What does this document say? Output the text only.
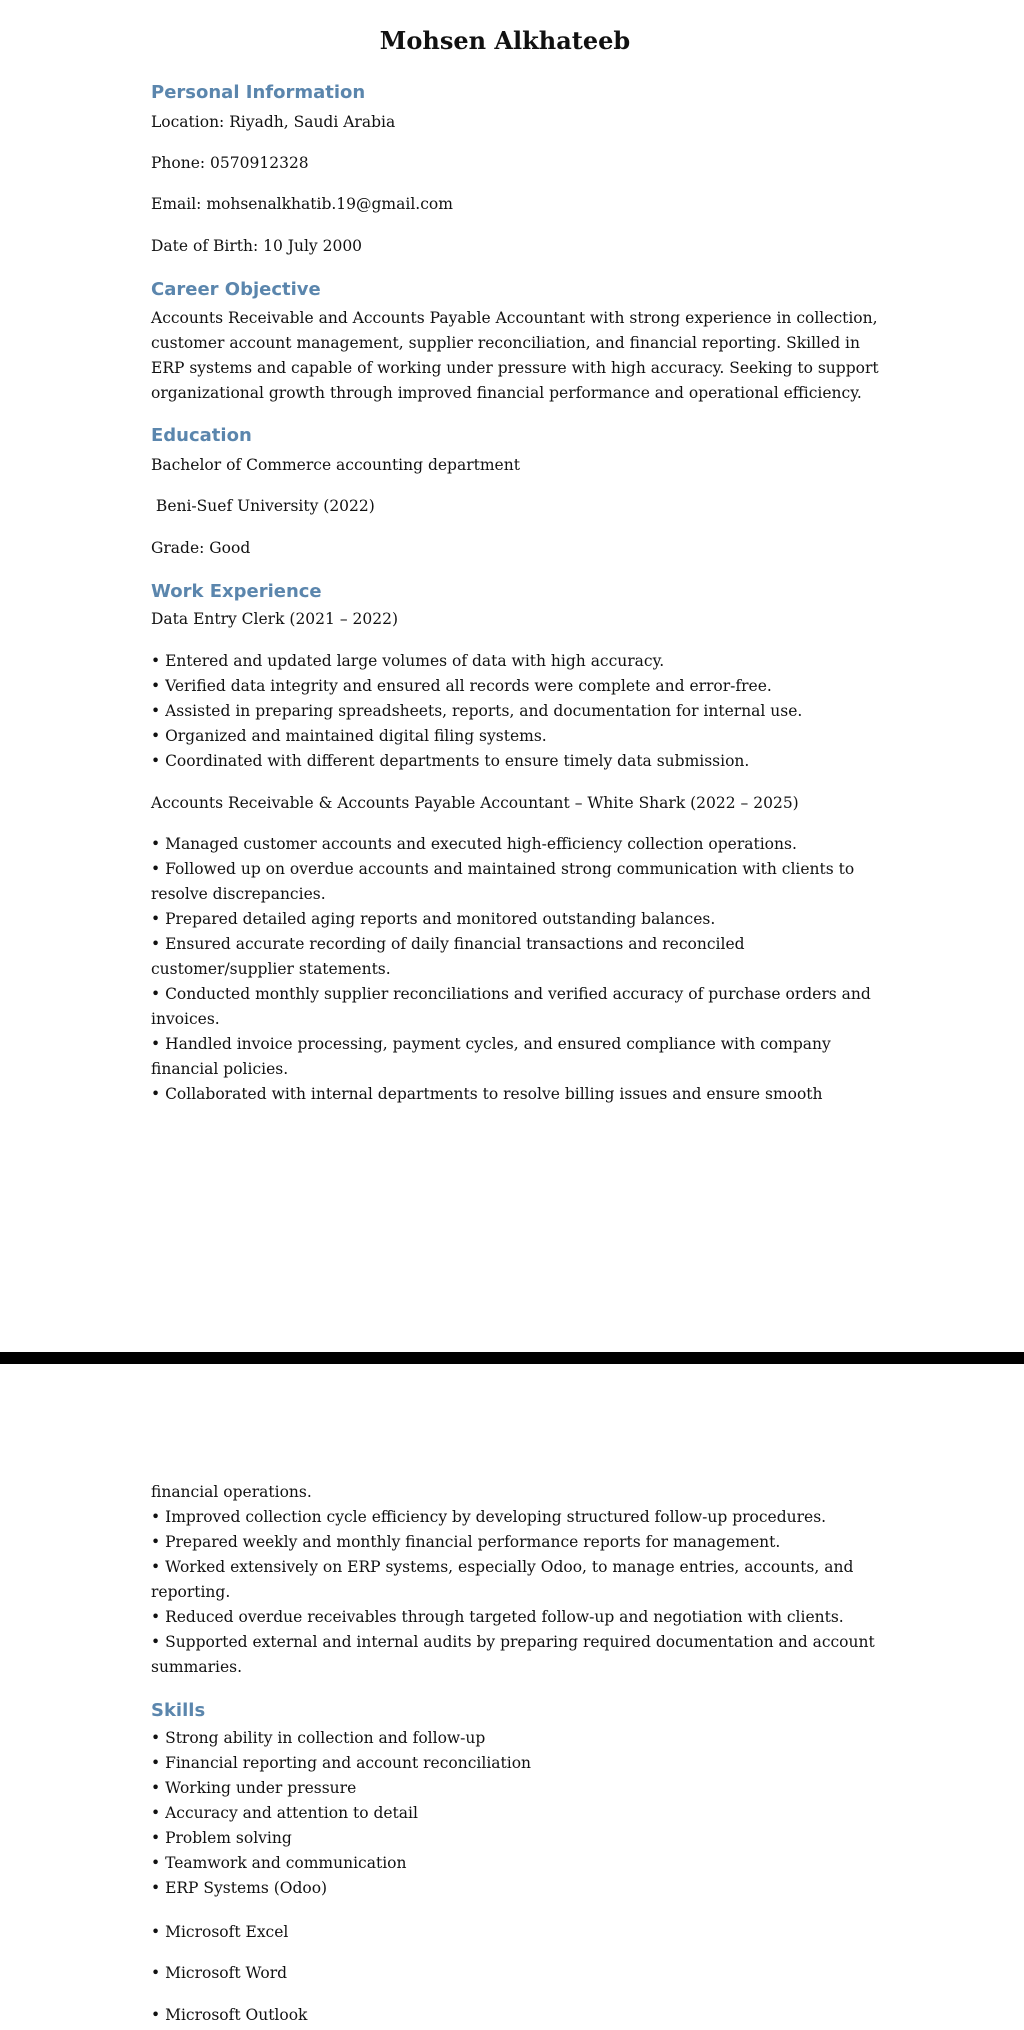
Mohsen Alkhateeb
Personal Information
Location: Riyadh, Saudi Arabia
Phone: 0570912328
Email: mohsenalkhatib.19@gmail.com
Date of Birth: 10 July 2000
Career Objective
Accounts Receivable and Accounts Payable Accountant with strong experience in collection, customer account management, supplier reconciliation, and financial reporting. Skilled in ERP systems and capable of working under pressure with high accuracy. Seeking to support organizational growth through improved financial performance and operational efficiency.
Education
Bachelor of Commerce accounting department
Beni-Suef University (2022)
Grade: Good
Work Experience
Data Entry Clerk (2021 – 2022)
• Entered and updated large volumes of data with high accuracy.
• Verified data integrity and ensured all records were complete and error-free.
• Assisted in preparing spreadsheets, reports, and documentation for internal use.
• Organized and maintained digital filing systems.
• Coordinated with different departments to ensure timely data submission.
Accounts Receivable & Accounts Payable Accountant – White Shark (2022 – 2025)
• Managed customer accounts and executed high-efficiency collection operations.
• Followed up on overdue accounts and maintained strong communication with clients to resolve discrepancies.
• Prepared detailed aging reports and monitored outstanding balances.
• Ensured accurate recording of daily financial transactions and reconciled customer/supplier statements.
• Conducted monthly supplier reconciliations and verified accuracy of purchase orders and invoices.
• Handled invoice processing, payment cycles, and ensured compliance with company financial policies.
• Collaborated with internal departments to resolve billing issues and ensure smooth
financial operations.
• Improved collection cycle efficiency by developing structured follow-up procedures.
• Prepared weekly and monthly financial performance reports for management.
• Worked extensively on ERP systems, especially Odoo, to manage entries, accounts, and reporting.
• Reduced overdue receivables through targeted follow-up and negotiation with clients.
• Supported external and internal audits by preparing required documentation and account summaries.
Skills
• Strong ability in collection and follow-up
• Financial reporting and account reconciliation
• Working under pressure
• Accuracy and attention to detail
• Problem solving
• Teamwork and communication
• ERP Systems (Odoo)
• Microsoft Excel
• Microsoft Word
• Microsoft Outlook
